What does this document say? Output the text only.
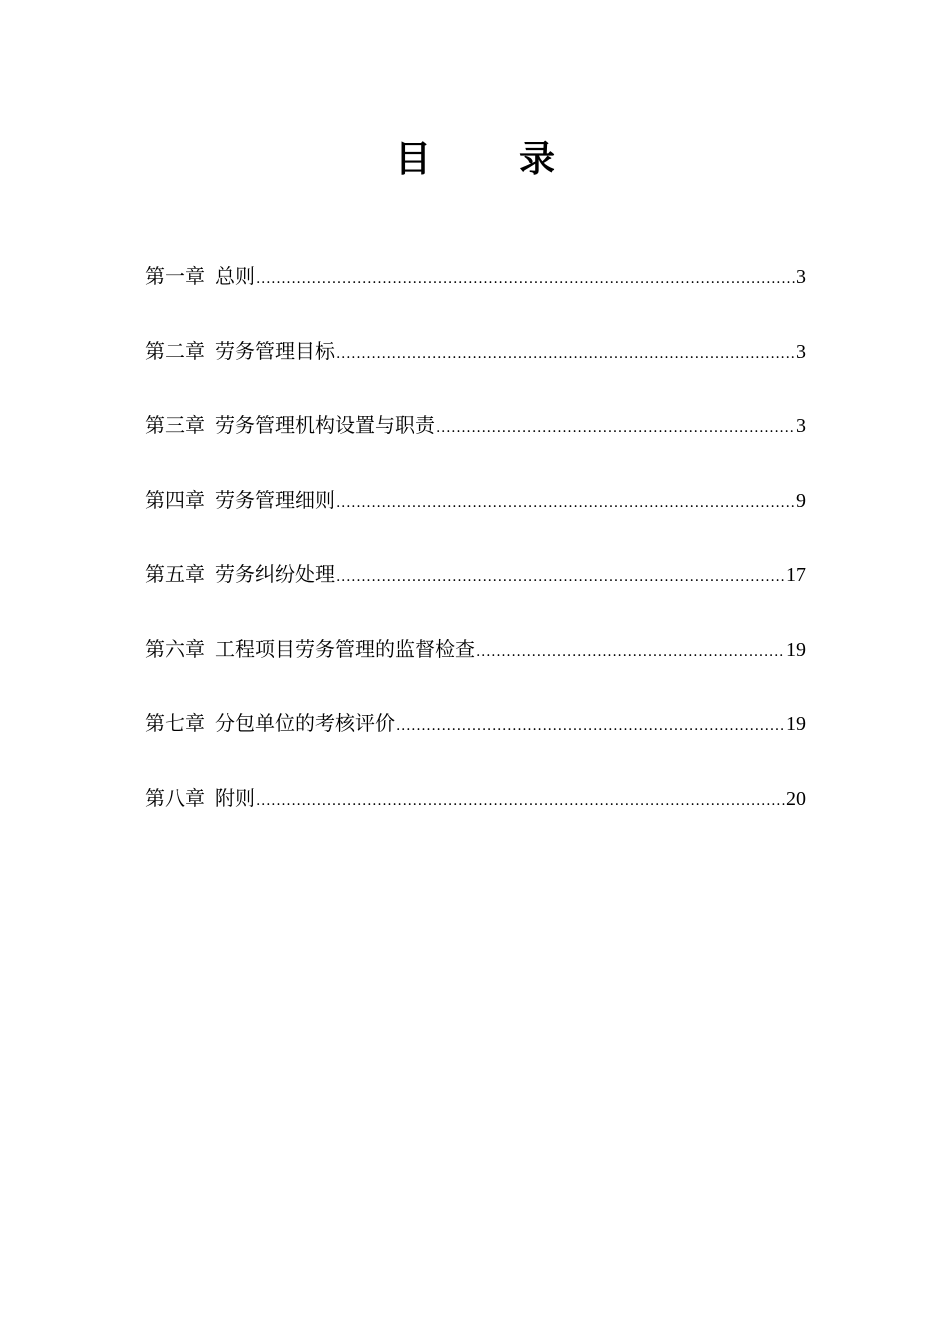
目 录
第一章 总则 .....	3
第二章 劳务管理目标 .....	3
第三章 劳务管理机构设置与职责 .....	3
第四章 劳务管理细则 .....	9
第五章 劳务纠纷处理 .....	17
第六章 工程项目劳务管理的监督检查 .....	19
第七章 分包单位的考核评价 .....	19
第八章 附则 .....	20
